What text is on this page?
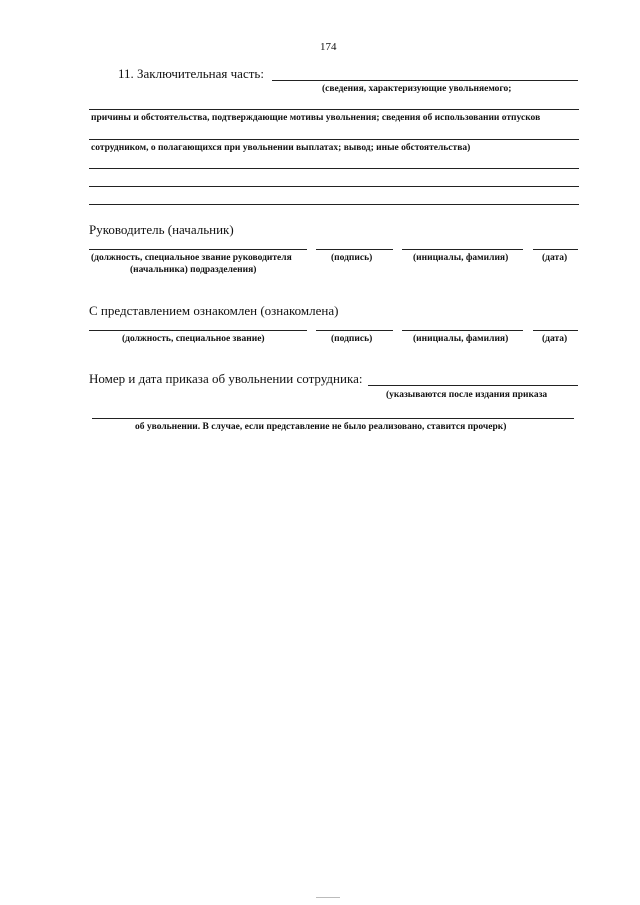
174
11. Заключительная часть:
(сведения, характеризующие увольняемого;
причины и обстоятельства, подтверждающие мотивы увольнения; сведения об использовании отпусков
сотрудником, о полагающихся при увольнении выплатах; вывод; иные обстоятельства)
Руководитель (начальник)
(должность, специальное звание руководителя
(начальника) подразделения)
(подпись)	(инициалы, фамилия)	(дата)
С представлением ознакомлен (ознакомлена)
(должность, специальное звание)	(подпись)	(инициалы, фамилия)	(дата)
Номер и дата приказа об увольнении сотрудника:
(указываются после издания приказа
об увольнении. В случае, если представление не было реализовано, ставится прочерк)
